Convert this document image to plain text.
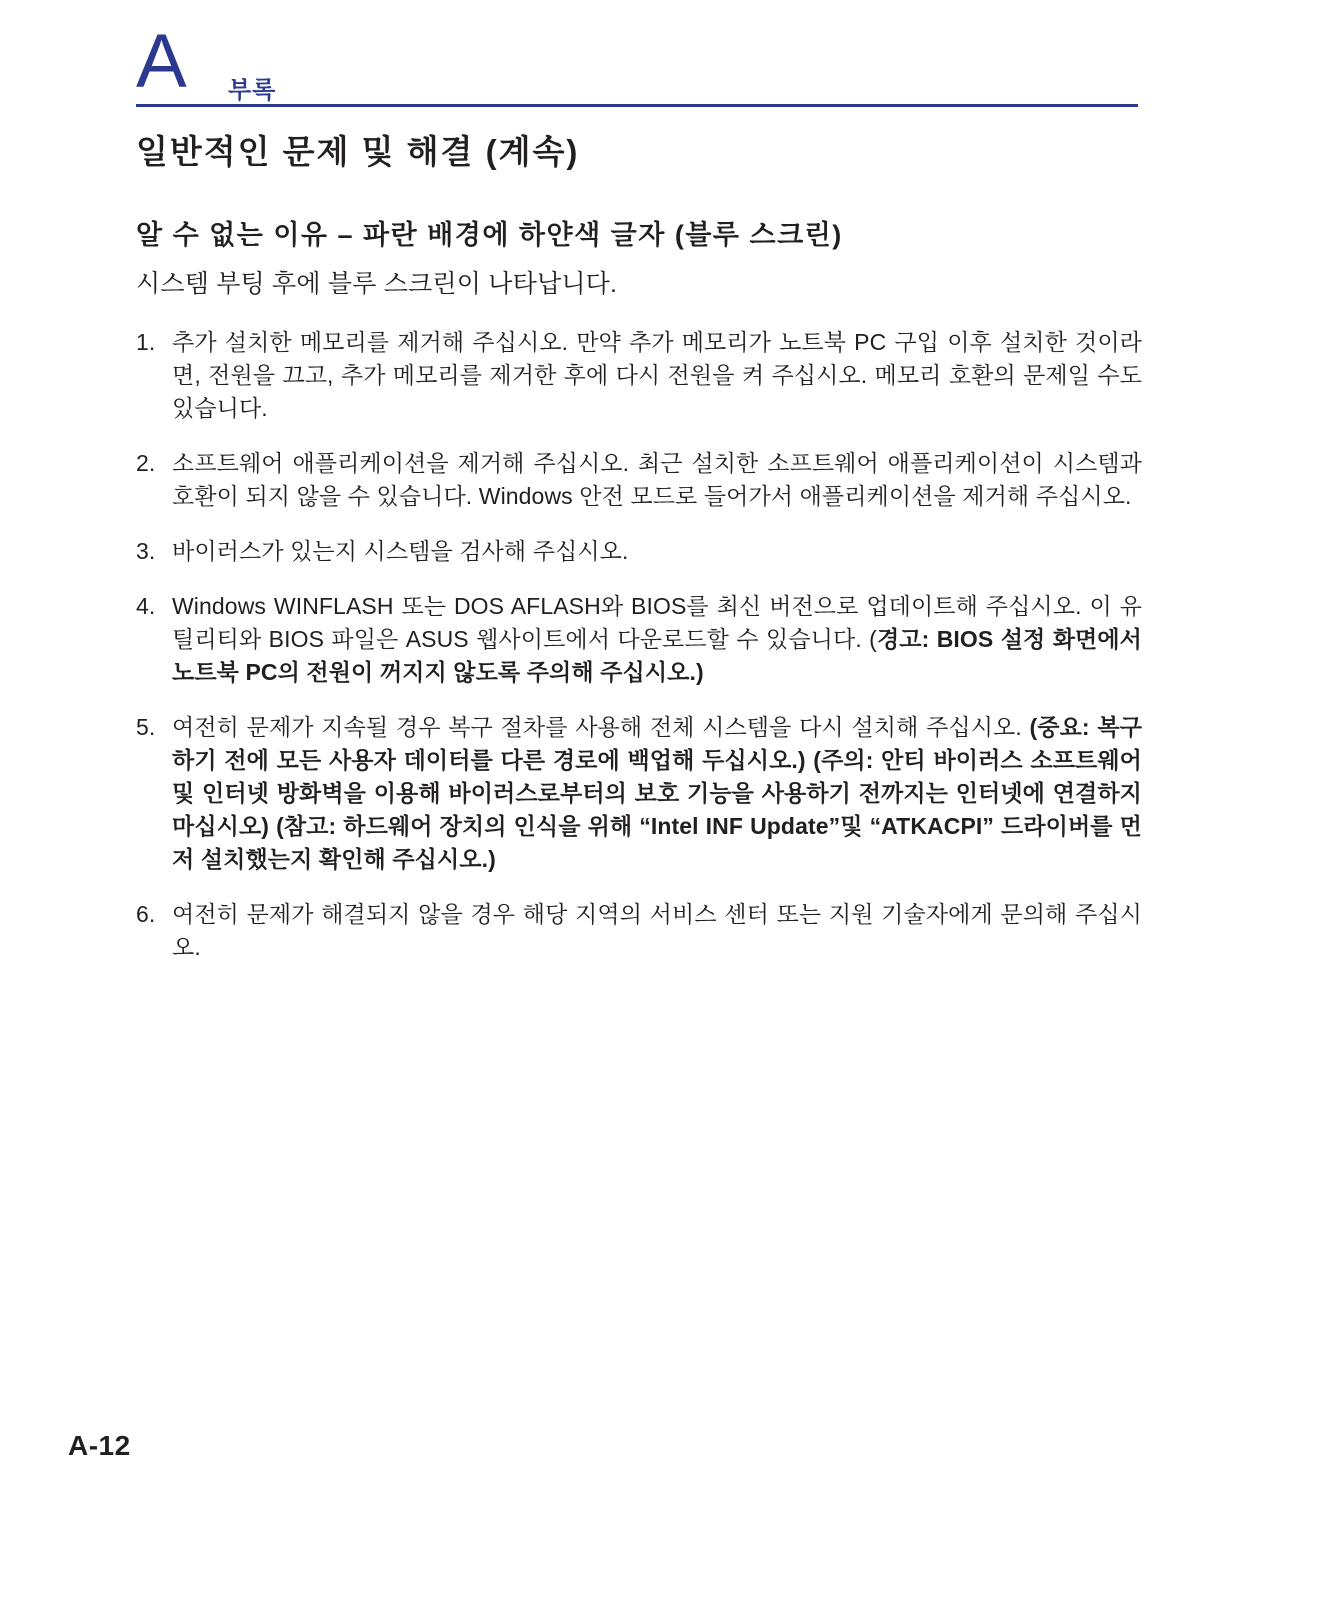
A 부록
일반적인 문제 및 해결 (계속)
알 수 없는 이유 – 파란 배경에 하얀색 글자 (블루 스크린)

시스템 부팅 후에 블루 스크린이 나타납니다.

1. 추가 설치한 메모리를 제거해 주십시오. 만약 추가 메모리가 노트북 PC 구입 이후 설치한 것이라면, 전원을 끄고, 추가 메모리를 제거한 후에 다시 전원을 켜 주십시오. 메모리 호환의 문제일 수도 있습니다.
2. 소프트웨어 애플리케이션을 제거해 주십시오. 최근 설치한 소프트웨어 애플리케이션이 시스템과 호환이 되지 않을 수 있습니다. Windows 안전 모드로 들어가서 애플리케이션을 제거해 주십시오.
3. 바이러스가 있는지 시스템을 검사해 주십시오.
4. Windows WINFLASH 또는 DOS AFLASH와 BIOS를 최신 버전으로 업데이트해 주십시오. 이 유틸리티와 BIOS 파일은 ASUS 웹사이트에서 다운로드할 수 있습니다. (경고: BIOS 설정 화면에서 노트북 PC의 전원이 꺼지지 않도록 주의해 주십시오.)
5. 여전히 문제가 지속될 경우 복구 절차를 사용해 전체 시스템을 다시 설치해 주십시오. (중요: 복구하기 전에 모든 사용자 데이터를 다른 경로에 백업해 두십시오.) (주의: 안티 바이러스 소프트웨어 및 인터넷 방화벽을 이용해 바이러스로부터의 보호 기능을 사용하기 전까지는 인터넷에 연결하지 마십시오) (참고: 하드웨어 장치의 인식을 위해 “Intel INF Update”및 “ATKACPI” 드라이버를 먼저 설치했는지 확인해 주십시오.)
6. 여전히 문제가 해결되지 않을 경우 해당 지역의 서비스 센터 또는 지원 기술자에게 문의해 주십시오.
A-12
